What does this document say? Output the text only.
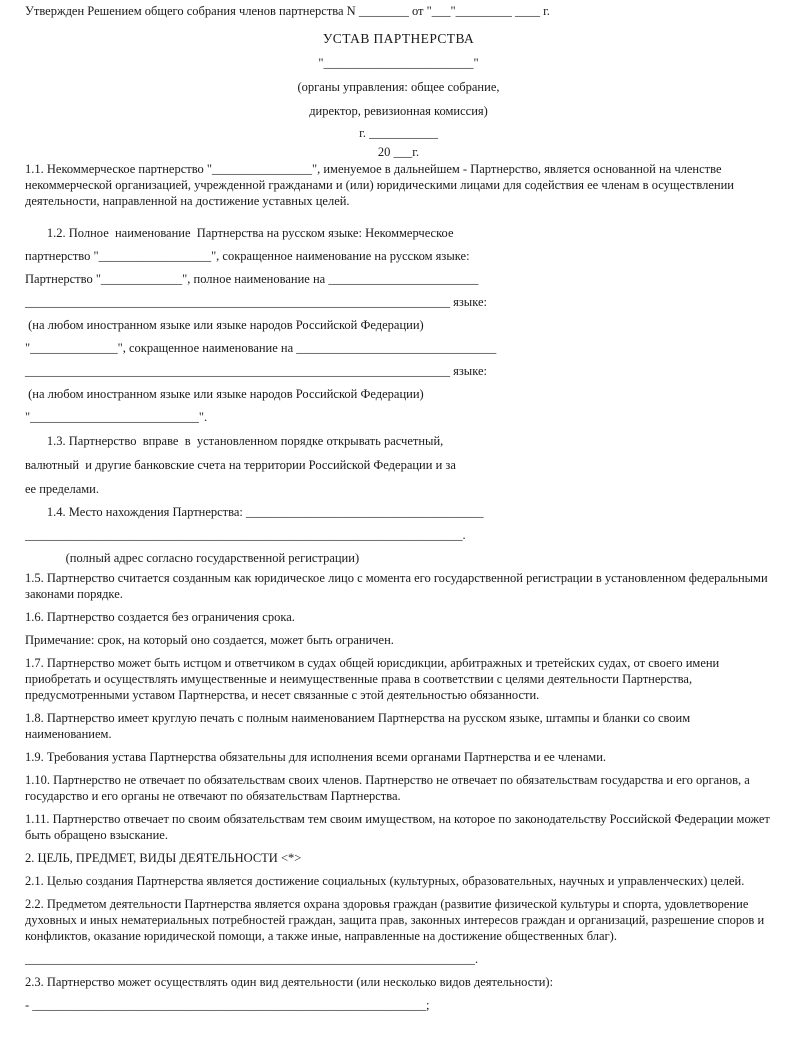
Утвержден Решением общего собрания членов партнерства N ________ от "___"_________ ____ г.
УСТАВ ПАРТНЕРСТВА
"________________________"
(органы управления: общее собрание,
директор, ревизионная комиссия)
г. ___________
20 ___г.
1.1. Некоммерческое партнерство "________________", именуемое в дальнейшем - Партнерство, является основанной на членстве некоммерческой организацией, учрежденной гражданами и (или) юридическими лицами для содействия ее членам в осуществлении деятельности, направленной на достижение уставных целей.
1.2. Полное  наименование  Партнерства на русском языке: Некоммерческое
партнерство "__________________", сокращенное наименование на русском языке:
Партнерство "_____________", полное наименование на ________________________
____________________________________________________________________ языке:
(на любом иностранном языке или языке народов Российской Федерации)
"______________", сокращенное наименование на ________________________________
____________________________________________________________________ языке:
(на любом иностранном языке или языке народов Российской Федерации)
"___________________________".
1.3. Партнерство  вправе  в  установленном порядке открывать расчетный,
валютный  и другие банковские счета на территории Российской Федерации и за
ее пределами.
1.4. Место нахождения Партнерства: ______________________________________
______________________________________________________________________.
(полный адрес согласно государственной регистрации)
1.5. Партнерство считается созданным как юридическое лицо с момента его государственной регистрации в установленном федеральными законами порядке.
1.6. Партнерство создается без ограничения срока.
Примечание: срок, на который оно создается, может быть ограничен.
1.7. Партнерство может быть истцом и ответчиком в судах общей юрисдикции, арбитражных и третейских судах, от своего имени приобретать и осуществлять имущественные и неимущественные права в соответствии с целями деятельности Партнерства, предусмотренными уставом Партнерства, и несет связанные с этой деятельностью обязанности.
1.8. Партнерство имеет круглую печать с полным наименованием Партнерства на русском языке, штампы и бланки со своим наименованием.
1.9. Требования устава Партнерства обязательны для исполнения всеми органами Партнерства и ее членами.
1.10. Партнерство не отвечает по обязательствам своих членов. Партнерство не отвечает по обязательствам государства и его органов, а государство и его органы не отвечают по обязательствам Партнерства.
1.11. Партнерство отвечает по своим обязательствам тем своим имуществом, на которое по законодательству Российской Федерации может быть обращено взыскание.
2. ЦЕЛЬ, ПРЕДМЕТ, ВИДЫ ДЕЯТЕЛЬНОСТИ <*>
2.1. Целью создания Партнерства является достижение социальных (культурных, образовательных, научных и управленческих) целей.
2.2. Предметом деятельности Партнерства является охрана здоровья граждан (развитие физической культуры и спорта, удовлетворение духовных и иных нематериальных потребностей граждан, защита прав, законных интересов граждан и организаций, разрешение споров и конфликтов, оказание юридической помощи, а также иные, направленные на достижение общественных благ).
________________________________________________________________________.
2.3. Партнерство может осуществлять один вид деятельности (или несколько видов деятельности):
- _______________________________________________________________;
